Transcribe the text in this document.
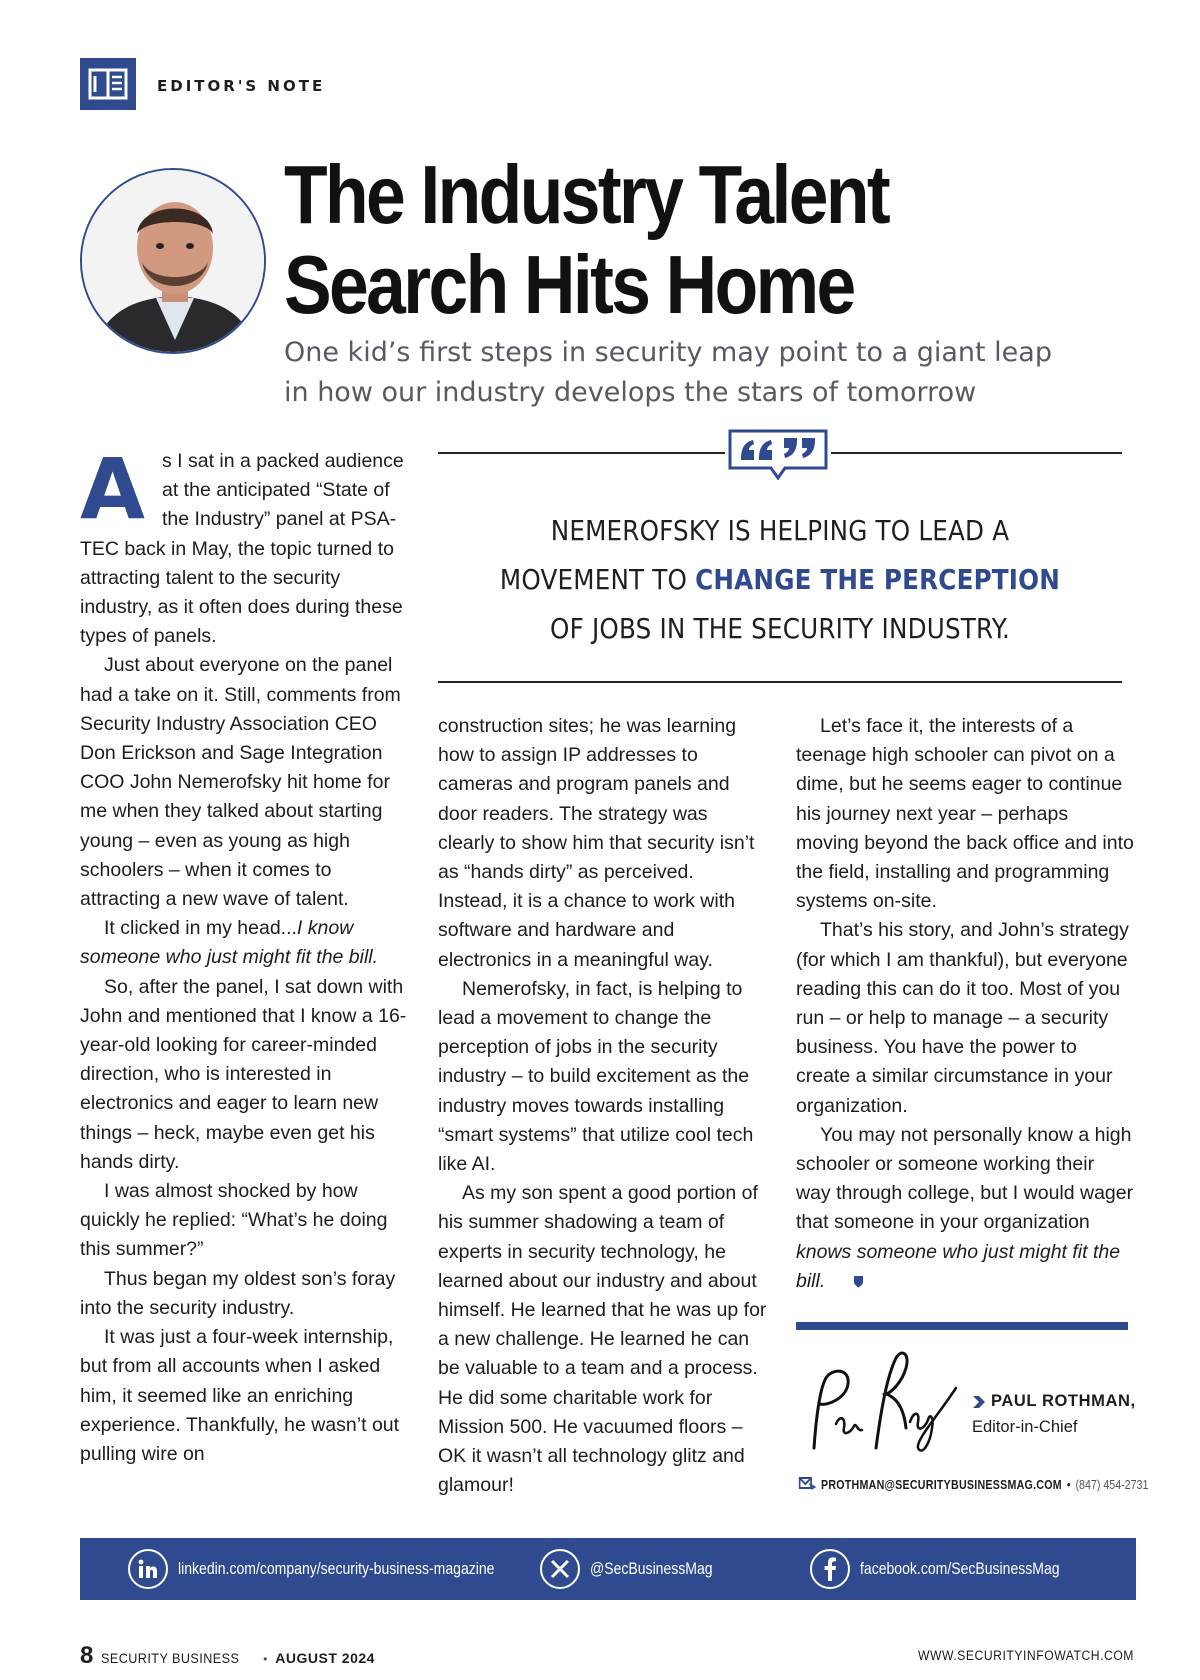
EDITOR'S NOTE
The Industry Talent
Search Hits Home
One kid’s first steps in security may point to a giant leap
in how our industry develops the stars of tomorrow

As I sat in a packed audience at the anticipated “State of the Industry” panel at PSA-TEC back in May, the topic turned to attracting talent to the security industry, as it often does during these types of panels.

Just about everyone on the panel had a take on it. Still, comments from Security Industry Association CEO Don Erickson and Sage Integration COO John Nemerofsky hit home for me when they talked about starting young – even as young as high schoolers – when it comes to attracting a new wave of talent.

It clicked in my head...I know someone who just might fit the bill.

So, after the panel, I sat down with John and mentioned that I know a 16-year-old looking for career-minded direction, who is interested in electronics and eager to learn new things – heck, maybe even get his hands dirty.

I was almost shocked by how quickly he replied: “What’s he doing this summer?”

Thus began my oldest son’s foray into the security industry.

It was just a four-week internship, but from all accounts when I asked him, it seemed like an enriching experience. Thankfully, he wasn’t out pulling wire on

NEMEROFSKY IS HELPING TO LEAD A MOVEMENT TO CHANGE THE PERCEPTION OF JOBS IN THE SECURITY INDUSTRY.

construction sites; he was learning how to assign IP addresses to cameras and program panels and door readers. The strategy was clearly to show him that security isn’t as “hands dirty” as perceived. Instead, it is a chance to work with software and hardware and electronics in a meaningful way.

Nemerofsky, in fact, is helping to lead a movement to change the perception of jobs in the security industry – to build excitement as the industry moves towards installing “smart systems” that utilize cool tech like AI.

As my son spent a good portion of his summer shadowing a team of experts in security technology, he learned about our industry and about himself. He learned that he was up for a new challenge. He learned he can be valuable to a team and a process. He did some charitable work for Mission 500. He vacuumed floors – OK it wasn’t all technology glitz and glamour!

Let’s face it, the interests of a teenage high schooler can pivot on a dime, but he seems eager to continue his journey next year – perhaps moving beyond the back office and into the field, installing and programming systems on-site.

That’s his story, and John’s strategy (for which I am thankful), but everyone reading this can do it too. Most of you run – or help to manage – a security business. You have the power to create a similar circumstance in your organization.

You may not personally know a high schooler or someone working their way through college, but I would wager that someone in your organization knows someone who just might fit the bill.

PAUL ROTHMAN,
Editor-in-Chief
PROTHMAN@SECURITYBUSINESSMAG.COM • (847) 454-2731
linkedin.com/company/security-business-magazine	@SecBusinessMag	facebook.com/SecBusinessMag
8 SECURITY BUSINESS • AUGUST 2024	WWW.SECURITYINFOWATCH.COM
